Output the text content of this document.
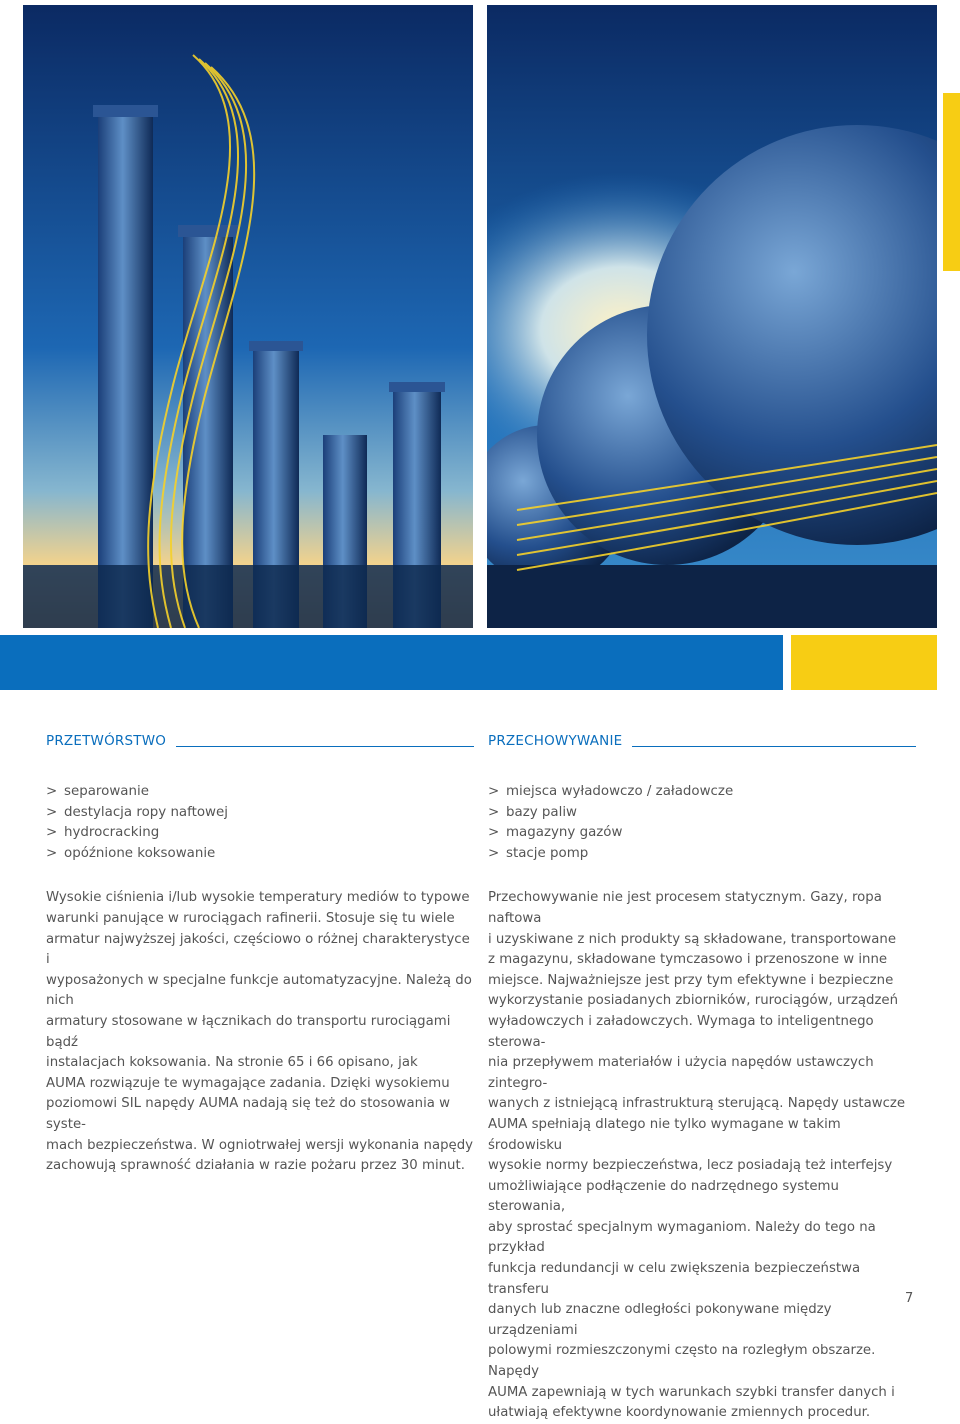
PRZETWÓRSTWO
> separowanie
> destylacja ropy naftowej
> hydrocracking
> opóźnione koksowanie

Wysokie ciśnienia i/lub wysokie temperatury mediów to typowe
warunki panujące w rurociągach rafinerii. Stosuje się tu wiele
armatur najwyższej jakości, częściowo o różnej charakterystyce i
wyposażonych w specjalne funkcje automatyzacyjne. Należą do nich
armatury stosowane w łącznikach do transportu rurociągami bądź
instalacjach koksowania. Na stronie 65 i 66 opisano, jak
AUMA rozwiązuje te wymagające zadania. Dzięki wysokiemu
poziomowi SIL napędy AUMA nadają się też do stosowania w syste-
mach bezpieczeństwa. W ogniotrwałej wersji wykonania napędy
zachowują sprawność działania w razie pożaru przez 30 minut.

PRZECHOWYWANIE
> miejsca wyładowczo / załadowcze
> bazy paliw
> magazyny gazów
> stacje pomp

Przechowywanie nie jest procesem statycznym. Gazy, ropa naftowa
i uzyskiwane z nich produkty są składowane, transportowane
z magazynu, składowane tymczasowo i przenoszone w inne
miejsce. Najważniejsze jest przy tym efektywne i bezpieczne
wykorzystanie posiadanych zbiorników, rurociągów, urządzeń
wyładowczych i załadowczych. Wymaga to inteligentnego sterowa-
nia przepływem materiałów i użycia napędów ustawczych zintegro-
wanych z istniejącą infrastrukturą sterującą. Napędy ustawcze
AUMA spełniają dlatego nie tylko wymagane w takim środowisku
wysokie normy bezpieczeństwa, lecz posiadają też interfejsy
umożliwiające podłączenie do nadrzędnego systemu sterowania,
aby sprostać specjalnym wymaganiom. Należy do tego na przykład
funkcja redundancji w celu zwiększenia bezpieczeństwa transferu
danych lub znaczne odległości pokonywane między urządzeniami
polowymi rozmieszczonymi często na rozległym obszarze. Napędy
AUMA zapewniają w tych warunkach szybki transfer danych i
ułatwiają efektywne koordynowanie zmiennych procedur.

7
